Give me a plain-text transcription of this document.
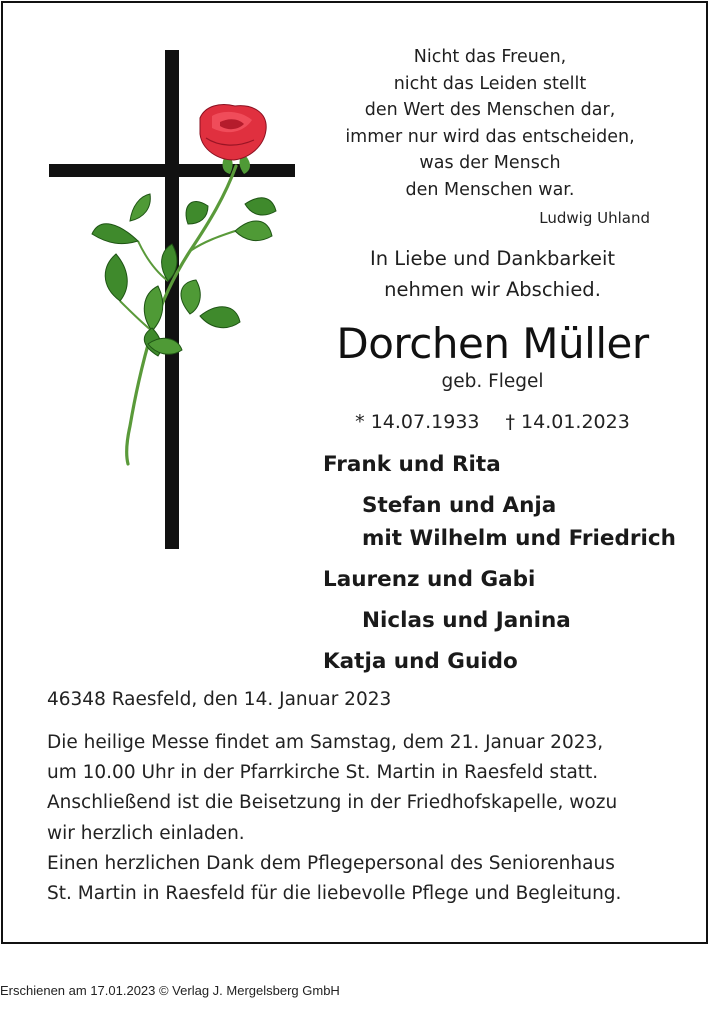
Nicht das Freuen,
nicht das Leiden stellt
den Wert des Menschen dar,
immer nur wird das entscheiden,
was der Mensch
den Menschen war.
Ludwig Uhland
In Liebe und Dankbarkeit
nehmen wir Abschied.
Dorchen Müller
geb. Flegel
* 14.07.1933 † 14.01.2023
Frank und Rita
Stefan und Anja
mit Wilhelm und Friedrich
Laurenz und Gabi
Niclas und Janina
Katja und Guido
46348 Raesfeld, den 14. Januar 2023
Die heilige Messe findet am Samstag, dem 21. Januar 2023,
um 10.00 Uhr in der Pfarrkirche St. Martin in Raesfeld statt.
Anschließend ist die Beisetzung in der Friedhofskapelle, wozu
wir herzlich einladen.
Einen herzlichen Dank dem Pflegepersonal des Seniorenhaus
St. Martin in Raesfeld für die liebevolle Pflege und Begleitung.
Erschienen am 17.01.2023 © Verlag J. Mergelsberg GmbH
